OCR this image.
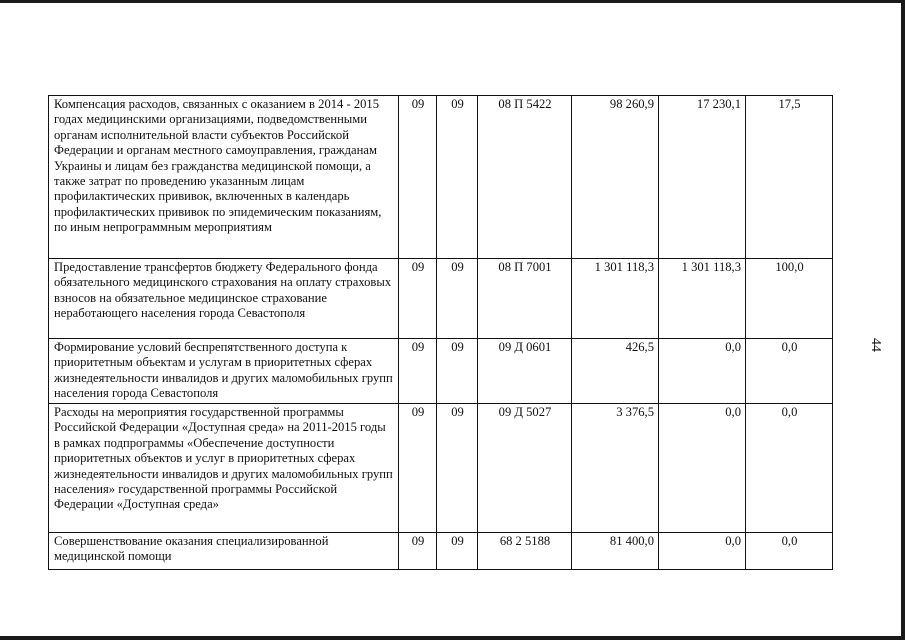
Компенсация расходов, связанных с оказанием в 2014 - 2015 годах медицинскими организациями, подведомственными органам исполнительной власти субъектов Российской Федерации и органам местного самоуправления, гражданам Украины и лицам без гражданства медицинской помощи, а также затрат по проведению указанным лицам профилактических прививок, включенных в календарь профилактических прививок по эпидемическим показаниям, по иным непрограммным мероприятиям	09	09	08 П 5422	98 260,9	17 230,1	17,5
Предоставление трансфертов бюджету Федерального фонда обязательного медицинского страхования на оплату страховых взносов на обязательное медицинское страхование неработающего населения города Севастополя	09	09	08 П 7001	1 301 118,3	1 301 118,3	100,0
Формирование условий беспрепятственного доступа к приоритетным объектам и услугам в приоритетных сферах жизнедеятельности инвалидов и других маломобильных групп населения города Севастополя	09	09	09 Д 0601	426,5	0,0	0,0
Расходы на мероприятия государственной программы Российской Федерации «Доступная среда» на 2011-2015 годы в рамках подпрограммы «Обеспечение доступности приоритетных объектов и услуг в приоритетных сферах жизнедеятельности инвалидов и других маломобильных групп населения» государственной программы Российской Федерации «Доступная среда»	09	09	09 Д 5027	3 376,5	0,0	0,0
Совершенствование оказания специализированной медицинской помощи	09	09	68 2 5188	81 400,0	0,0	0,0
44
